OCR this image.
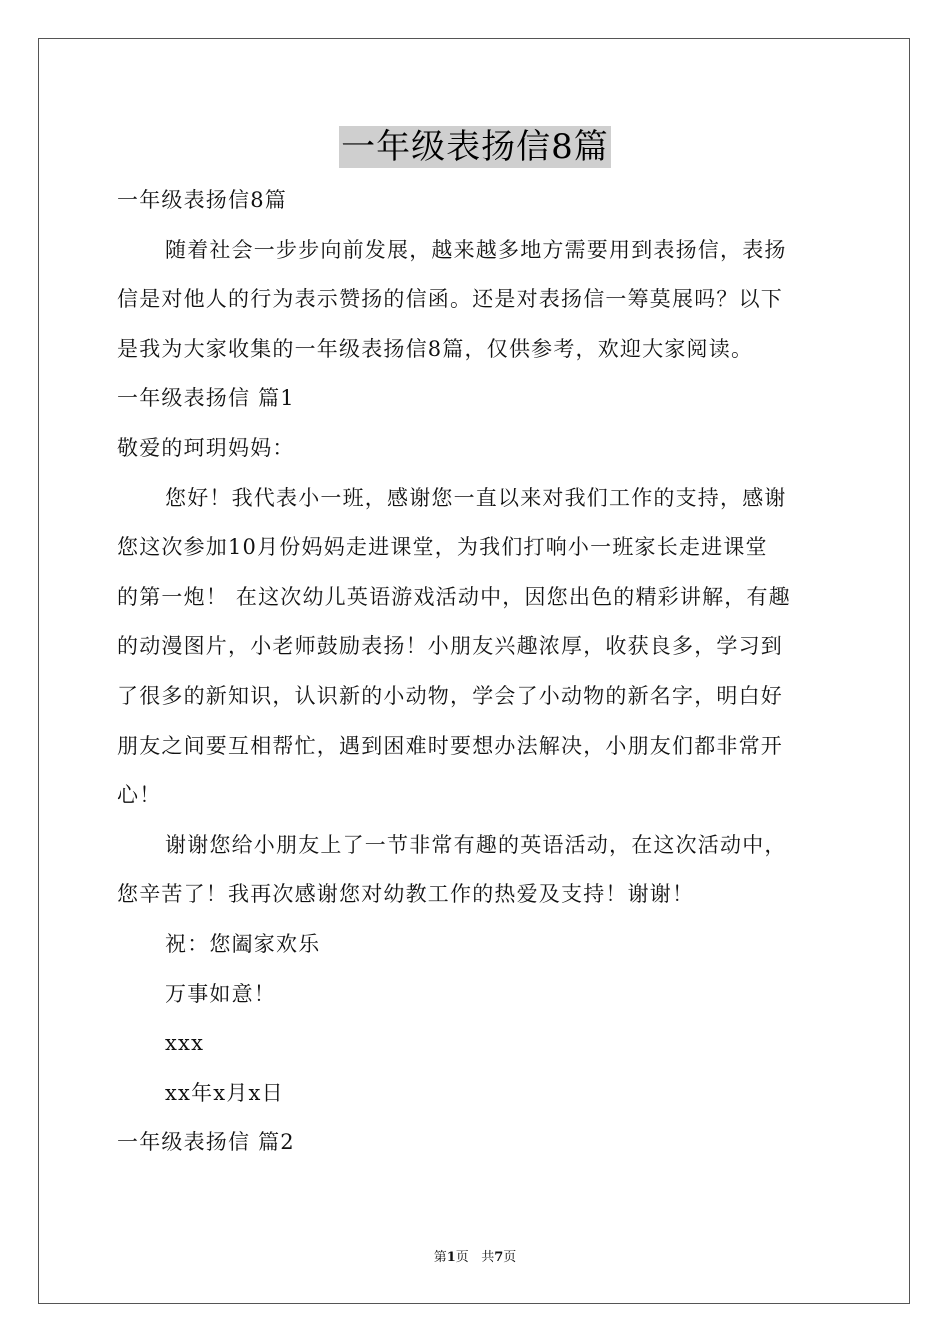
一年级表扬信8篇
一年级表扬信8篇
随着社会一步步向前发展，越来越多地方需要用到表扬信，表扬
信是对他人的行为表示赞扬的信函。还是对表扬信一筹莫展吗？以下
是我为大家收集的一年级表扬信8篇，仅供参考，欢迎大家阅读。
一年级表扬信 篇1
敬爱的珂玥妈妈：
您好！我代表小一班，感谢您一直以来对我们工作的支持，感谢
您这次参加10月份妈妈走进课堂，为我们打响小一班家长走进课堂
的第一炮！ 在这次幼儿英语游戏活动中，因您出色的精彩讲解，有趣
的动漫图片，小老师鼓励表扬！小朋友兴趣浓厚，收获良多，学习到
了很多的新知识，认识新的小动物，学会了小动物的新名字，明白好
朋友之间要互相帮忙，遇到困难时要想办法解决，小朋友们都非常开
心！
谢谢您给小朋友上了一节非常有趣的英语活动，在这次活动中，
您辛苦了！我再次感谢您对幼教工作的热爱及支持！谢谢！
祝：您阖家欢乐
万事如意！
xxx
xx年x月x日
一年级表扬信 篇2
第1页 共7页
